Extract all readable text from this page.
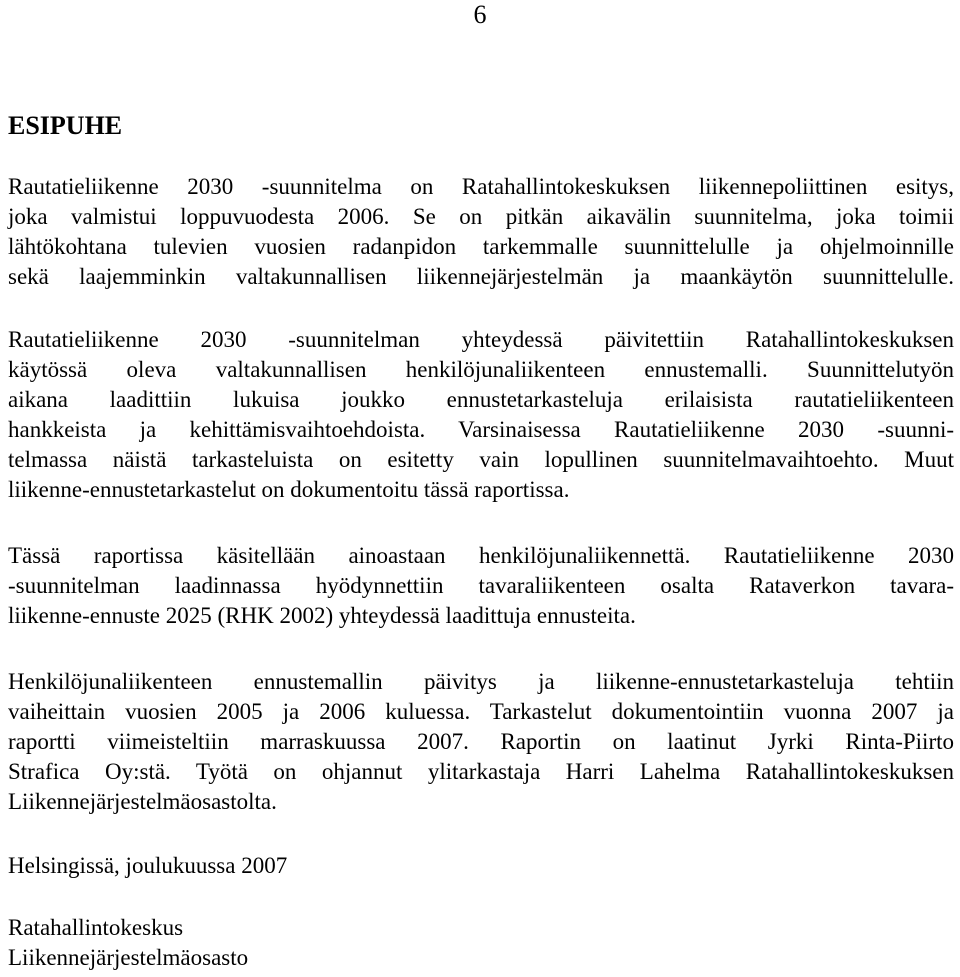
6
ESIPUHE
Rautatieliikenne 2030 -suunnitelma on Ratahallintokeskuksen liikennepoliittinen esitys,
joka valmistui loppuvuodesta 2006. Se on pitkän aikavälin suunnitelma, joka toimii
lähtökohtana tulevien vuosien radanpidon tarkemmalle suunnittelulle ja ohjelmoinnille
sekä laajemminkin valtakunnallisen liikennejärjestelmän ja maankäytön suunnittelulle.
Rautatieliikenne 2030 -suunnitelman yhteydessä päivitettiin Ratahallintokeskuksen
käytössä oleva valtakunnallisen henkilöjunaliikenteen ennustemalli. Suunnittelutyön
aikana laadittiin lukuisa joukko ennustetarkasteluja erilaisista rautatieliikenteen
hankkeista ja kehittämisvaihtoehdoista. Varsinaisessa Rautatieliikenne 2030 -suunni-
telmassa näistä tarkasteluista on esitetty vain lopullinen suunnitelmavaihtoehto. Muut
liikenne-ennustetarkastelut on dokumentoitu tässä raportissa.
Tässä raportissa käsitellään ainoastaan henkilöjunaliikennettä. Rautatieliikenne 2030
-suunnitelman laadinnassa hyödynnettiin tavaraliikenteen osalta Rataverkon tavara-
liikenne-ennuste 2025 (RHK 2002) yhteydessä laadittuja ennusteita.
Henkilöjunaliikenteen ennustemallin päivitys ja liikenne-ennustetarkasteluja tehtiin
vaiheittain vuosien 2005 ja 2006 kuluessa. Tarkastelut dokumentointiin vuonna 2007 ja
raportti viimeisteltiin marraskuussa 2007. Raportin on laatinut Jyrki Rinta-Piirto
Strafica Oy:stä. Työtä on ohjannut ylitarkastaja Harri Lahelma Ratahallintokeskuksen
Liikennejärjestelmäosastolta.
Helsingissä, joulukuussa 2007
Ratahallintokeskus
Liikennejärjestelmäosasto
